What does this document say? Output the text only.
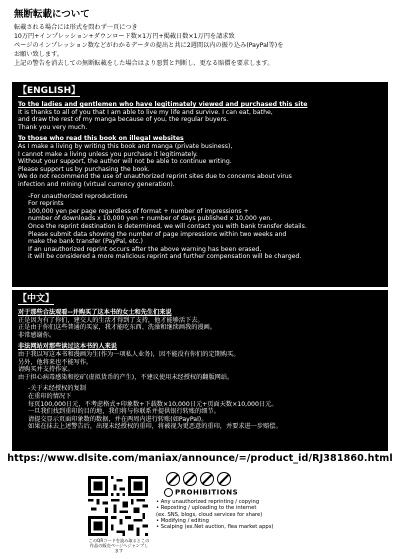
無断転載について
転載される場合には形式を問わず一頁につき
10万円+インプレッション+ダウンロード数×1万円+掲載日数×1万円を請求致
ページのインプレッション数などがわかるデータの提出と共に2週間以内の振り込み(PayPal等)を
お願い致します。
上記の警告を消去しての無断転載をした場合はより悪質と判断し、更なる賠償を要求します。
【ENGLISH】

To the ladies and gentlemen who have legitimately viewed and purchased this site
It is thanks to all of you that I am able to live my life and survive. I can eat, bathe,
and draw the rest of my manga because of you, the regular buyers.
Thank you very much.

To those who read this book on illegal websites
As I make a living by writing this book and manga (private business),
I cannot make a living unless you purchase it legitimately.
Without your support, the author will not be able to continue writing.
Please support us by purchasing the book.
We do not recommend the use of unauthorized reprint sites due to concerns about virus
infection and mining (virtual currency generation).

-For unauthorized reproductions
For reprints
100,000 yen per page regardless of format + number of impressions +
number of downloads x 10,000 yen + number of days published x 10,000 yen.
Once the reprint destination is determined, we will contact you with bank transfer details.
Please submit data showing the number of page impressions within two weeks and
make the bank transfer (PayPal, etc.)
If an unauthorized reprint occurs after the above warning has been erased,
it will be considered a more malicious reprint and further compensation will be charged.

【中文】

对于那些合法观看--并购买了这本书的女士和先生们来说
正是因为有了你们，建交人的生活才得到了支持，他才能够活下去。
正是由于你们这些普通的买家，我才能吃东西、洗澡和继续画我的漫画。
非常感谢你。

非法网站对那些读过这本书的人来说
由于我以写这本书和漫画为生(作为一项私人业务)，因不能没有你们的定期购买。
另外，他将来也不能写作。
请购买并支持作家。
由于担心病毒感染和挖矿(虚拟货币的产生)，不建议使用未经授权的翻版网站。

-关于未经授权的复制
在重印的情况下
每页100,000日元，不考虑格式+印象数+下载数×10,000日元+页面天数×10,000日元。
一旦我们找到重印的目的地，我们将与你联系并提供银行转账的细节。
请提交显示页面印象数的数据，并在两周内进行转账(如PayPal)。
如果在抹去上述警告后，出现未经授权的重印，将被视为更恶意的重印，并要求进一步赔偿。

https://www.dlsite.com/maniax/announce/=/product_id/RJ381860.html
このQRコードを読み取るとこの作品の販売ページへジャンプします
PROHIBITIONS
• Any unauthorized reprinting / copying
• Reposting / uploading to the internet
(ex. SNS, blogs, cloud services for share)
• Modifying / editing
• Scalping (ex.Net auction, flea market apps)
